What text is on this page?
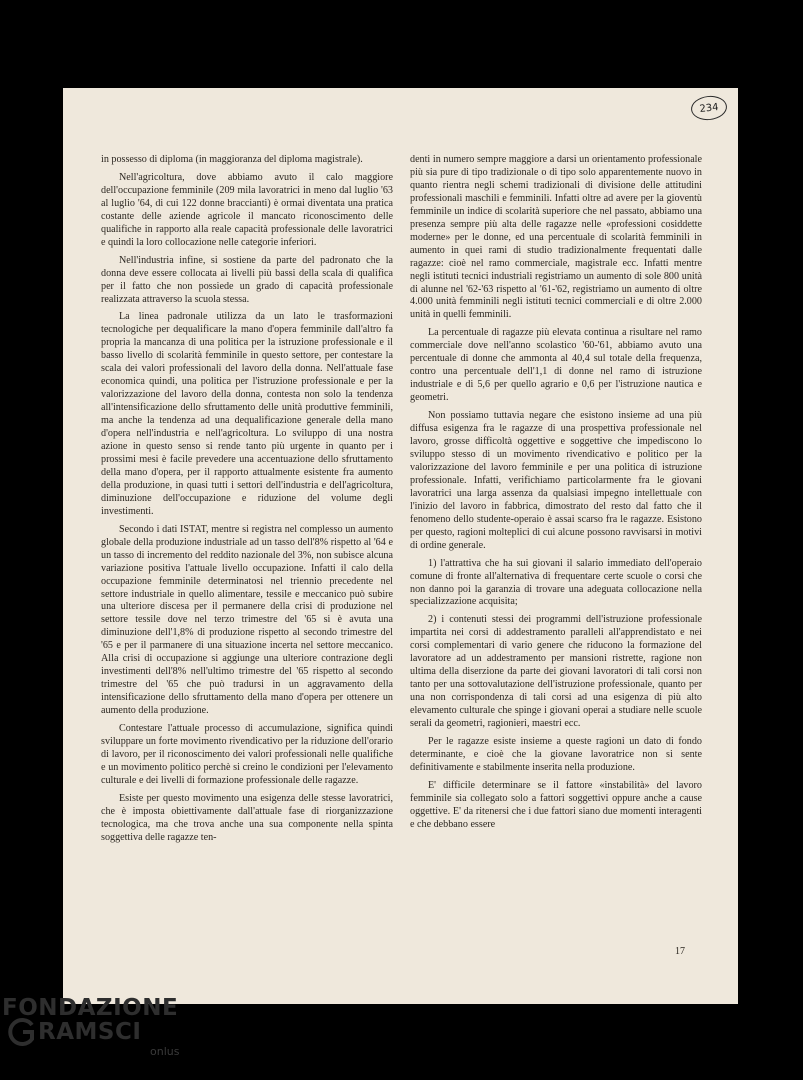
234

in possesso di diploma (in maggioranza del diploma magistrale).

Nell'agricoltura, dove abbiamo avuto il calo maggiore dell'occupazione femminile (209 mila lavoratrici in meno dal luglio '63 al luglio '64, di cui 122 donne braccianti) è ormai diventata una pratica costante delle aziende agricole il mancato riconoscimento delle qualifiche in rapporto alla reale capacità professionale delle lavoratrici e quindi la loro collocazione nelle categorie inferiori.

Nell'industria infine, si sostiene da parte del padronato che la donna deve essere collocata ai livelli più bassi della scala di qualifica per il fatto che non possiede un grado di capacità professionale realizzata attraverso la scuola stessa.

La linea padronale utilizza da un lato le trasformazioni tecnologiche per dequalificare la mano d'opera femminile dall'altro fa propria la mancanza di una politica per la istruzione professionale e il basso livello di scolarità femminile in questo settore, per contestare la scala dei valori professionali del lavoro della donna. Nell'attuale fase economica quindi, una politica per l'istruzione professionale e per la valorizzazione del lavoro della donna, contesta non solo la tendenza all'intensificazione dello sfruttamento delle unità produttive femminili, ma anche la tendenza ad una dequalificazione generale della mano d'opera nell'industria e nell'agricoltura. Lo sviluppo di una nostra azione in questo senso si rende tanto più urgente in quanto per i prossimi mesi è facile prevedere una accentuazione dello sfruttamento della mano d'opera, per il rapporto attualmente esistente fra aumento della produzione, in quasi tutti i settori dell'industria e dell'agricoltura, diminuzione dell'occupazione e riduzione del volume degli investimenti.

Secondo i dati ISTAT, mentre si registra nel complesso un aumento globale della produzione industriale ad un tasso dell'8% rispetto al '64 e un tasso di incremento del reddito nazionale del 3%, non subisce alcuna variazione positiva l'attuale livello occupazione. Infatti il calo della occupazione femminile determinatosi nel triennio precedente nel settore industriale in quello alimentare, tessile e meccanico può subire una ulteriore discesa per il permanere della crisi di produzione nel settore tessile dove nel terzo trimestre del '65 si è avuta una diminuzione dell'1,8% di produzione rispetto al secondo trimestre del '65 e per il parmanere di una situazione incerta nel settore meccanico. Alla crisi di occupazione si aggiunge una ulteriore contrazione degli investimenti dell'8% nell'ultimo trimestre del '65 rispetto al secondo trimestre del '65 che può tradursi in un aggravamento della intensificazione dello sfruttamento della mano d'opera per ottenere un aumento della produzione.

Contestare l'attuale processo di accumulazione, significa quindi sviluppare un forte movimento rivendicativo per la riduzione dell'orario di lavoro, per il riconoscimento dei valori professionali nelle qualifiche e un movimento politico perchè si creino le condizioni per l'elevamento culturale e dei livelli di formazione professionale delle ragazze.

Esiste per questo movimento una esigenza delle stesse lavoratrici, che è imposta obiettivamente dall'attuale fase di riorganizzazione tecnologica, ma che trova anche una sua componente nella spinta soggettiva delle ragazze ten-

denti in numero sempre maggiore a darsi un orientamento professionale più sia pure di tipo tradizionale o di tipo solo apparentemente nuovo in quanto rientra negli schemi tradizionali di divisione delle attitudini professionali maschili e femminili. Infatti oltre ad avere per la gioventù femminile un indice di scolarità superiore che nel passato, abbiamo una presenza sempre più alta delle ragazze nelle «professioni cosiddette moderne» per le donne, ed una percentuale di scolarità femminili in aumento in quei rami di studio tradizionalmente frequentati dalle ragazze: cioè nel ramo commerciale, magistrale ecc. Infatti mentre negli istituti tecnici industriali registriamo un aumento di sole 800 unità di alunne nel '62-'63 rispetto al '61-'62, registriamo un aumento di oltre 4.000 unità femminili negli istituti tecnici commerciali e di oltre 2.000 unità in quelli femminili.

La percentuale di ragazze più elevata continua a risultare nel ramo commerciale dove nell'anno scolastico '60-'61, abbiamo avuto una percentuale di donne che ammonta al 40,4 sul totale della frequenza, contro una percentuale dell'1,1 di donne nel ramo di istruzione industriale e di 5,6 per quello agrario e 0,6 per l'istruzione nautica e geometri.

Non possiamo tuttavia negare che esistono insieme ad una più diffusa esigenza fra le ragazze di una prospettiva professionale nel lavoro, grosse difficoltà oggettive e soggettive che impediscono lo sviluppo stesso di un movimento rivendicativo e politico per la valorizzazione del lavoro femminile e per una politica di istruzione professionale. Infatti, verifichiamo particolarmente fra le giovani lavoratrici una larga assenza da qualsiasi impegno intellettuale con l'inizio del lavoro in fabbrica, dimostrato del resto dal fatto che il fenomeno dello studente-operaio è assai scarso fra le ragazze. Esistono per questo, ragioni molteplici di cui alcune possono ravvisarsi in motivi di ordine generale.

1) l'attrattiva che ha sui giovani il salario immediato dell'operaio comune di fronte all'alternativa di frequentare certe scuole o corsi che non danno poi la garanzia di trovare una adeguata collocazione nella specializzazione acquisita;

2) i contenuti stessi dei programmi dell'istruzione professionale impartita nei corsi di addestramento paralleli all'apprendistato e nei corsi complementari di vario genere che riducono la formazione del lavoratore ad un addestramento per mansioni ristrette, ragione non ultima della diserzione da parte dei giovani lavoratori di tali corsi non tanto per una sottovalutazione dell'istruzione professionale, quanto per una non corrispondenza di tali corsi ad una esigenza di più alto elevamento culturale che spinge i giovani operai a studiare nelle scuole serali da geometri, ragionieri, maestri ecc.

Per le ragazze esiste insieme a queste ragioni un dato di fondo determinante, e cioè che la giovane lavoratrice non si sente definitivamente e stabilmente inserita nella produzione.

E' difficile determinare se il fattore «instabilità» del lavoro femminile sia collegato solo a fattori soggettivi oppure anche a cause oggettive. E' da ritenersi che i due fattori siano due momenti interagenti e che debbano essere

17
FONDAZIONE
RAMSCI
onlus
